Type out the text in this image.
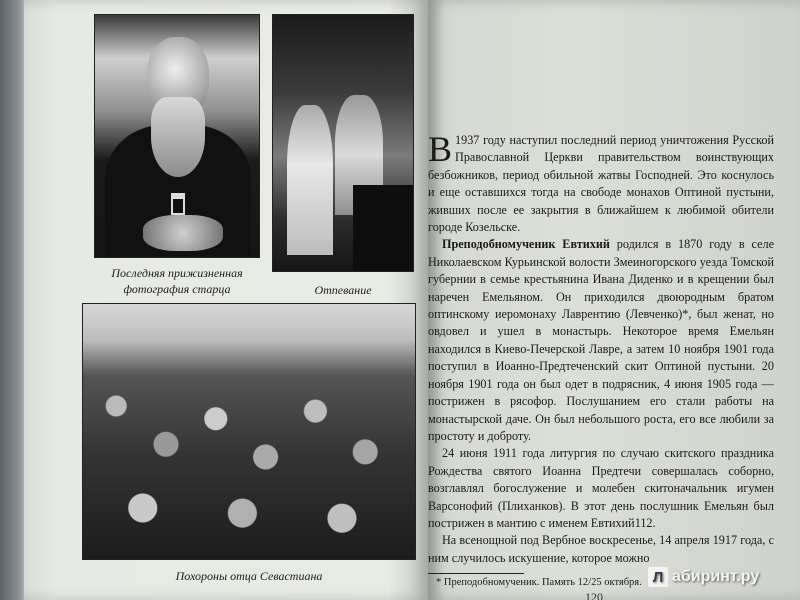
Последняя прижизненная фотография старца	Отпевание
Похороны отца Севастиана

В 1937 году наступил последний период уничтожения Русской Православной Церкви правительством воинствующих безбожников, период обильной жатвы Господней. Это коснулось и еще оставшихся тогда на свободе монахов Оптиной пустыни, живших после ее закрытия в ближайшем к любимой обители городе Козельске.

Преподобномученик Евтихий родился в 1870 году в селе Николаевском Курьинской волости Змеиногорского уезда Томской губернии в семье крестьянина Ивана Диденко и в крещении был наречен Емельяном. Он приходился двоюродным братом оптинскому иеромонаху Лаврентию (Левченко)*, был женат, но овдовел и ушел в монастырь. Некоторое время Емельян находился в Киево-Печерской Лавре, а затем 10 ноября 1901 года поступил в Иоанно-Предтеченский скит Оптиной пустыни. 20 ноября 1901 года он был одет в подрясник, 4 июня 1905 года — пострижен в рясофор. Послушанием его стали работы на монастырской даче. Он был небольшого роста, его все любили за простоту и доброту.

24 июня 1911 года литургия по случаю скитского праздника Рождества святого Иоанна Предтечи совершалась соборно, возглавлял богослужение и молебен скитоначальник игумен Варсонофий (Плиханков). В этот день послушник Емельян был пострижен в мантию с именем Евтихий112.

На всенощной под Вербное воскресенье, 14 апреля 1917 года, с ним случилось искушение, которое можно

* Преподобномученик. Память 12/25 октября.

120
Л абиринт.ру
